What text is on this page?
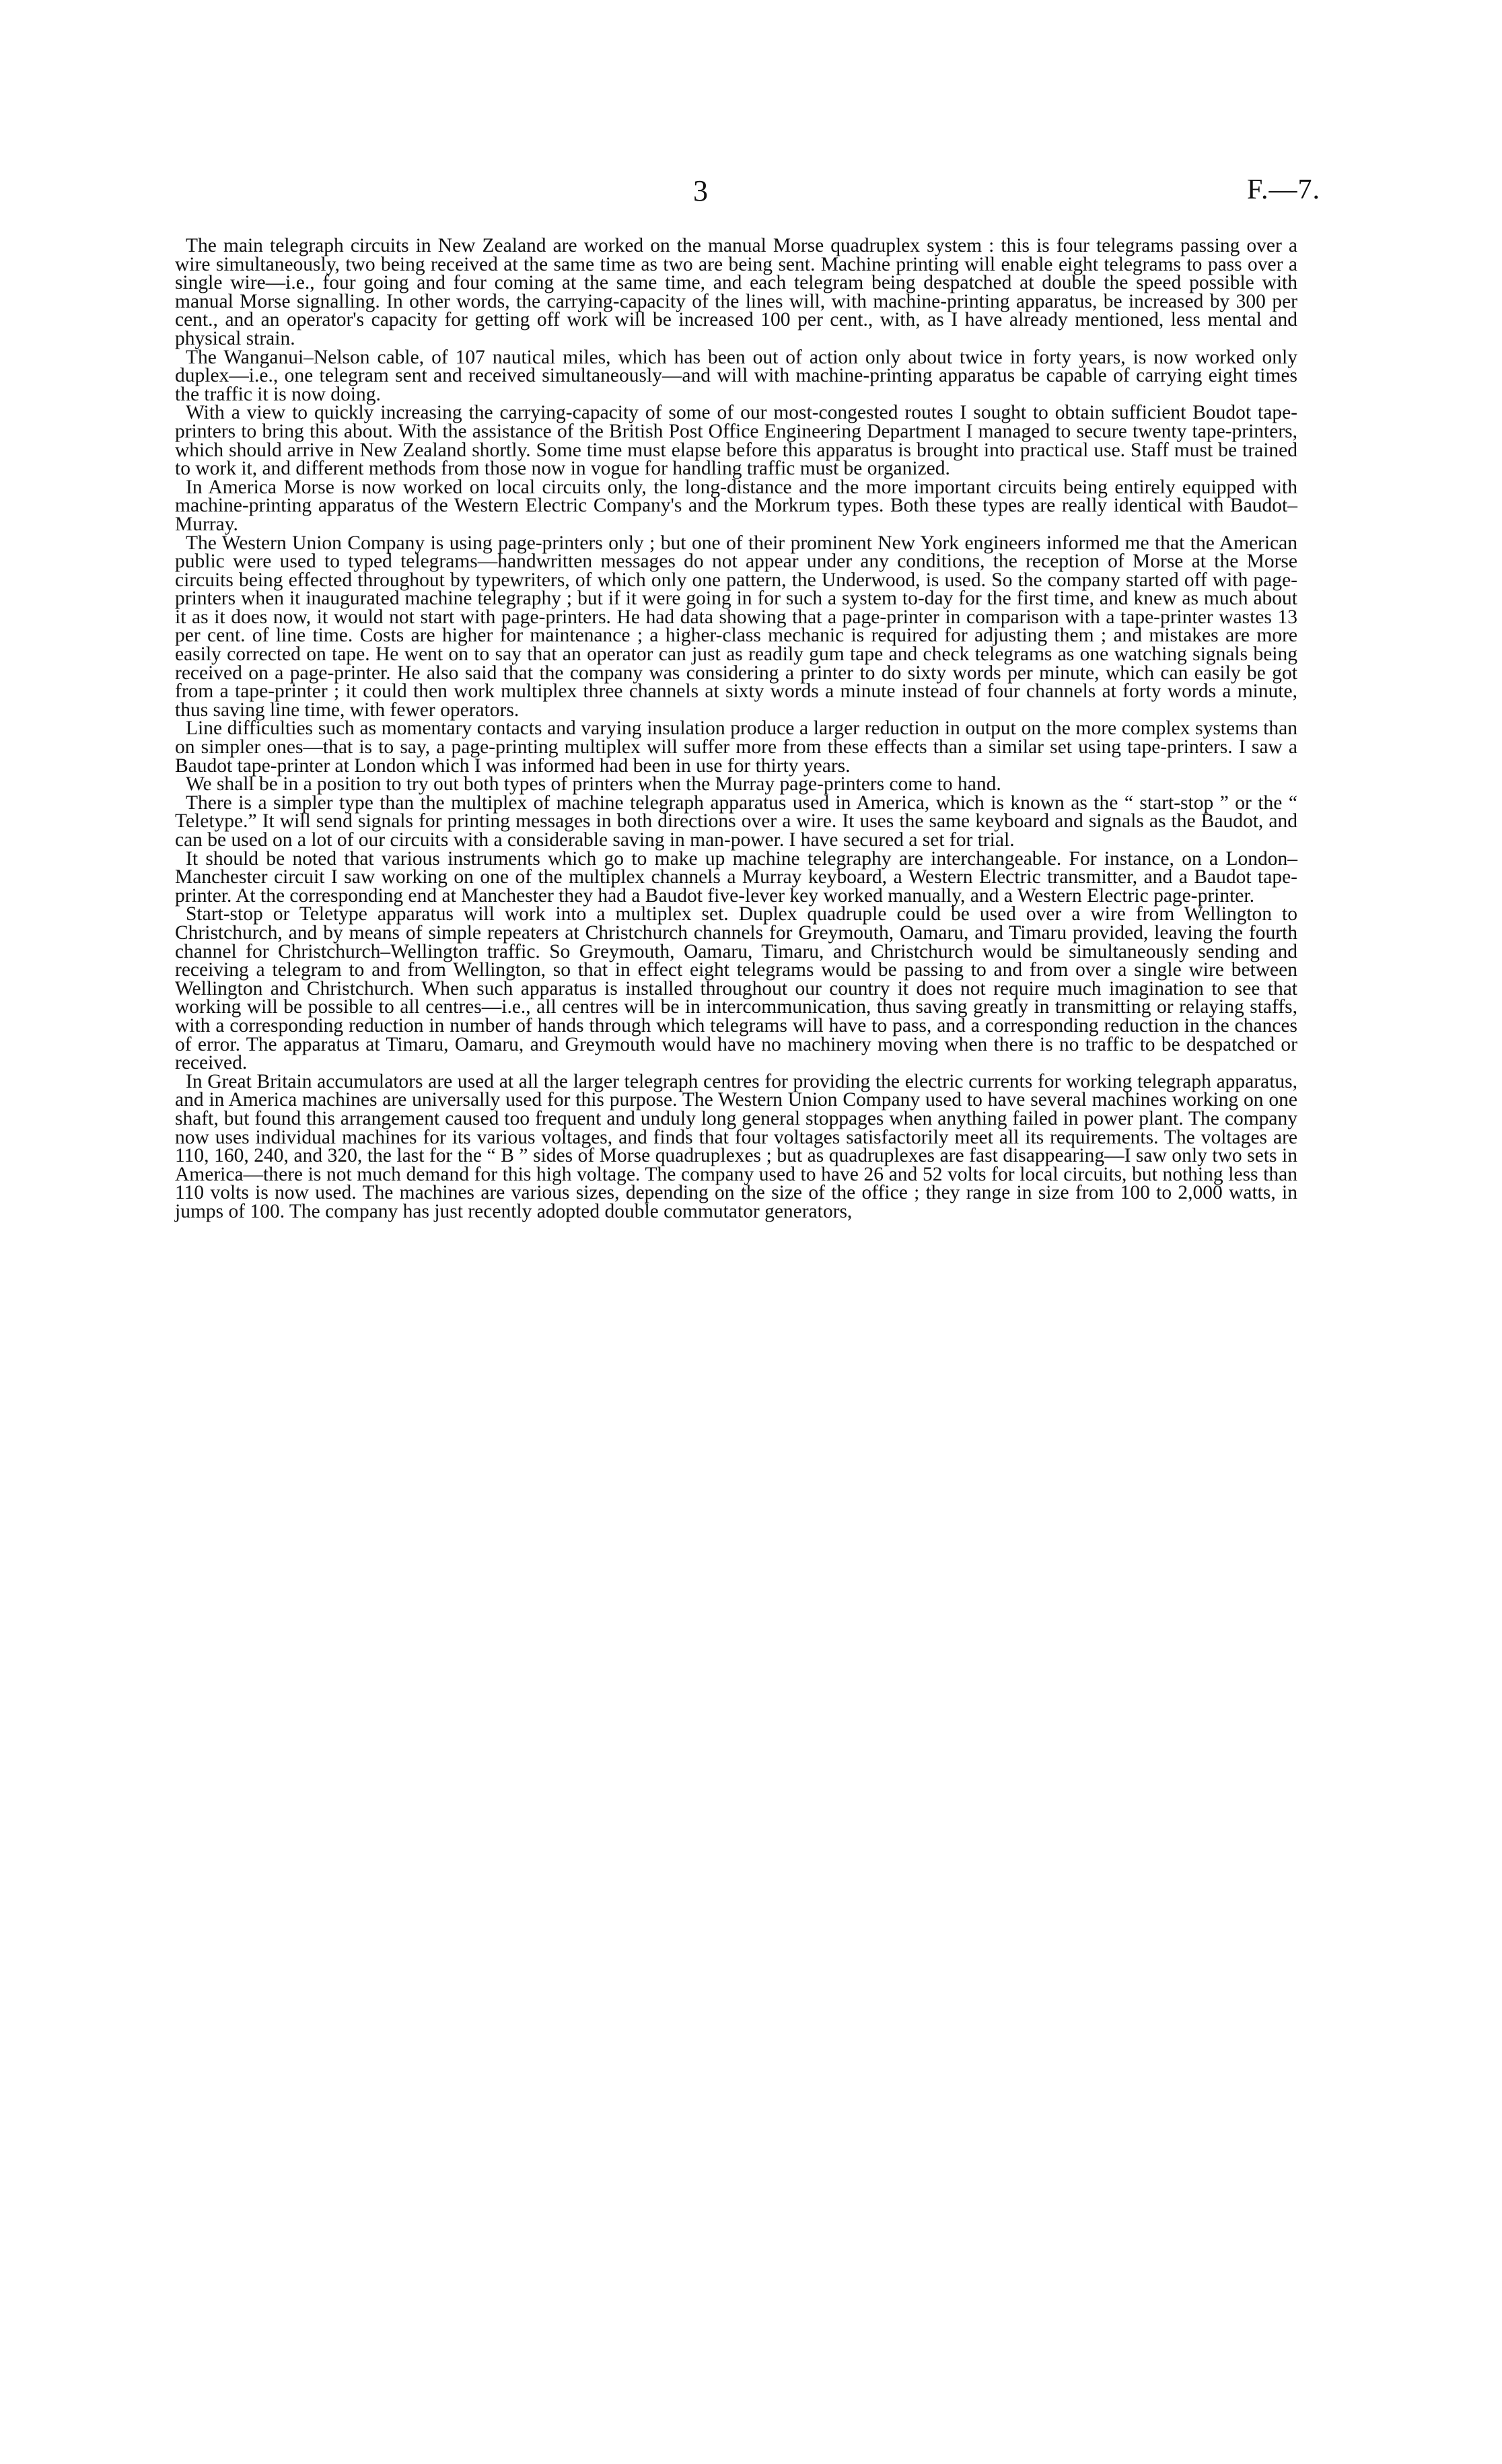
3	F.—7.

The main telegraph circuits in New Zealand are worked on the manual Morse quadruplex system : this is four telegrams passing over a wire simultaneously, two being received at the same time as two are being sent. Machine printing will enable eight telegrams to pass over a single wire—i.e., four going and four coming at the same time, and each telegram being despatched at double the speed possible with manual Morse signalling. In other words, the carrying-capacity of the lines will, with machine-printing apparatus, be increased by 300 per cent., and an operator's capacity for getting off work will be increased 100 per cent., with, as I have already mentioned, less mental and physical strain.

The Wanganui–Nelson cable, of 107 nautical miles, which has been out of action only about twice in forty years, is now worked only duplex—i.e., one telegram sent and received simultaneously—and will with machine-printing apparatus be capable of carrying eight times the traffic it is now doing.

With a view to quickly increasing the carrying-capacity of some of our most-congested routes I sought to obtain sufficient Boudot tape-printers to bring this about. With the assistance of the British Post Office Engineering Department I managed to secure twenty tape-printers, which should arrive in New Zealand shortly. Some time must elapse before this apparatus is brought into practical use. Staff must be trained to work it, and different methods from those now in vogue for handling traffic must be organized.

In America Morse is now worked on local circuits only, the long-distance and the more important circuits being entirely equipped with machine-printing apparatus of the Western Electric Company's and the Morkrum types. Both these types are really identical with Baudot–Murray.

The Western Union Company is using page-printers only ; but one of their prominent New York engineers informed me that the American public were used to typed telegrams—handwritten messages do not appear under any conditions, the reception of Morse at the Morse circuits being effected throughout by typewriters, of which only one pattern, the Underwood, is used. So the company started off with page-printers when it inaugurated machine telegraphy ; but if it were going in for such a system to-day for the first time, and knew as much about it as it does now, it would not start with page-printers. He had data showing that a page-printer in comparison with a tape-printer wastes 13 per cent. of line time. Costs are higher for maintenance ; a higher-class mechanic is required for adjusting them ; and mistakes are more easily corrected on tape. He went on to say that an operator can just as readily gum tape and check telegrams as one watching signals being received on a page-printer. He also said that the company was considering a printer to do sixty words per minute, which can easily be got from a tape-printer ; it could then work multiplex three channels at sixty words a minute instead of four channels at forty words a minute, thus saving line time, with fewer operators.

Line difficulties such as momentary contacts and varying insulation produce a larger reduction in output on the more complex systems than on simpler ones—that is to say, a page-printing multiplex will suffer more from these effects than a similar set using tape-printers. I saw a Baudot tape-printer at London which I was informed had been in use for thirty years.

We shall be in a position to try out both types of printers when the Murray page-printers come to hand.

There is a simpler type than the multiplex of machine telegraph apparatus used in America, which is known as the “ start-stop ” or the “ Teletype.” It will send signals for printing messages in both directions over a wire. It uses the same keyboard and signals as the Baudot, and can be used on a lot of our circuits with a considerable saving in man-power. I have secured a set for trial.

It should be noted that various instruments which go to make up machine telegraphy are interchangeable. For instance, on a London–Manchester circuit I saw working on one of the multiplex channels a Murray keyboard, a Western Electric transmitter, and a Baudot tape-printer. At the corresponding end at Manchester they had a Baudot five-lever key worked manually, and a Western Electric page-printer.

Start-stop or Teletype apparatus will work into a multiplex set. Duplex quadruple could be used over a wire from Wellington to Christchurch, and by means of simple repeaters at Christchurch channels for Greymouth, Oamaru, and Timaru provided, leaving the fourth channel for Christchurch–Wellington traffic. So Greymouth, Oamaru, Timaru, and Christchurch would be simultaneously sending and receiving a telegram to and from Wellington, so that in effect eight telegrams would be passing to and from over a single wire between Wellington and Christchurch. When such apparatus is installed throughout our country it does not require much imagination to see that working will be possible to all centres—i.e., all centres will be in intercommunication, thus saving greatly in transmitting or relaying staffs, with a corresponding reduction in number of hands through which telegrams will have to pass, and a corresponding reduction in the chances of error. The apparatus at Timaru, Oamaru, and Greymouth would have no machinery moving when there is no traffic to be despatched or received.

In Great Britain accumulators are used at all the larger telegraph centres for providing the electric currents for working telegraph apparatus, and in America machines are universally used for this purpose. The Western Union Company used to have several machines working on one shaft, but found this arrangement caused too frequent and unduly long general stoppages when anything failed in power plant. The company now uses individual machines for its various voltages, and finds that four voltages satisfactorily meet all its requirements. The voltages are 110, 160, 240, and 320, the last for the “ B ” sides of Morse quadruplexes ; but as quadruplexes are fast disappearing—I saw only two sets in America—there is not much demand for this high voltage. The company used to have 26 and 52 volts for local circuits, but nothing less than 110 volts is now used. The machines are various sizes, depending on the size of the office ; they range in size from 100 to 2,000 watts, in jumps of 100. The company has just recently adopted double commutator generators,
